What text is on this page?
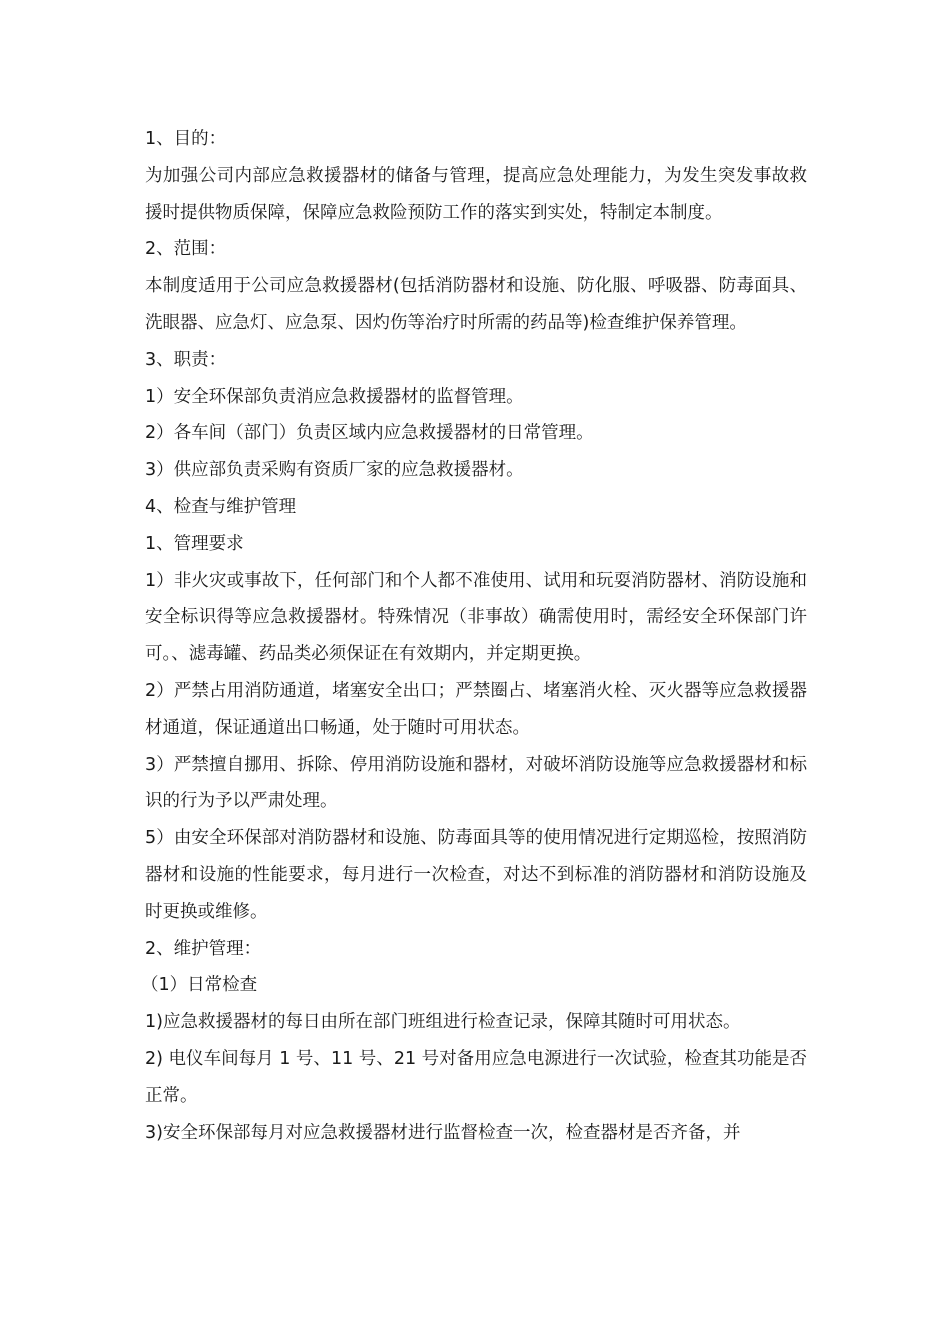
1、目的：

为加强公司内部应急救援器材的储备与管理，提高应急处理能力，为发生突发事故救援时提供物质保障，保障应急救险预防工作的落实到实处，特制定本制度。

2、范围：

本制度适用于公司应急救援器材(包括消防器材和设施、防化服、呼吸器、防毒面具、洗眼器、应急灯、应急泵、因灼伤等治疗时所需的药品等)检查维护保养管理。

3、职责：

1）安全环保部负责消应急救援器材的监督管理。

2）各车间（部门）负责区域内应急救援器材的日常管理。

3）供应部负责采购有资质厂家的应急救援器材。

4、检查与维护管理

1、管理要求

1）非火灾或事故下，任何部门和个人都不准使用、试用和玩耍消防器材、消防设施和安全标识得等应急救援器材。特殊情况（非事故）确需使用时，需经安全环保部门许可。、滤毒罐、药品类必须保证在有效期内，并定期更换。

2）严禁占用消防通道，堵塞安全出口；严禁圈占、堵塞消火栓、灭火器等应急救援器材通道，保证通道出口畅通，处于随时可用状态。

3）严禁擅自挪用、拆除、停用消防设施和器材，对破坏消防设施等应急救援器材和标识的行为予以严肃处理。

5）由安全环保部对消防器材和设施、防毒面具等的使用情况进行定期巡检，按照消防器材和设施的性能要求，每月进行一次检查，对达不到标准的消防器材和消防设施及时更换或维修。

2、维护管理：

（1）日常检查

1)应急救援器材的每日由所在部门班组进行检查记录，保障其随时可用状态。

2) 电仪车间每月 1 号、11 号、21 号对备用应急电源进行一次试验，检查其功能是否正常。

3)安全环保部每月对应急救援器材进行监督检查一次，检查器材是否齐备，并
